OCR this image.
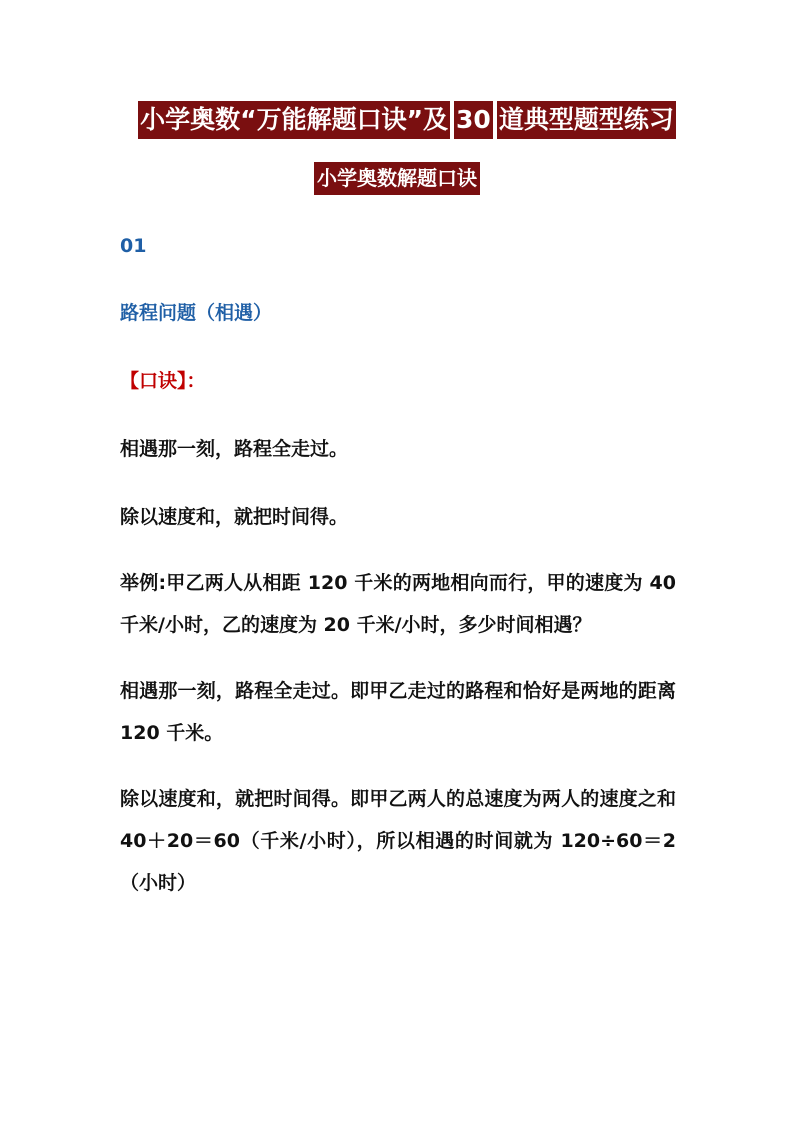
小学奥数“万能解题口诀”及 30 道典型题型练习
小学奥数解题口诀
01
路程问题（相遇）
【口诀】：
相遇那一刻，路程全走过。
除以速度和，就把时间得。
举例:甲乙两人从相距 120 千米的两地相向而行，甲的速度为 40 千米/小时，乙的速度为 20 千米/小时，多少时间相遇？
相遇那一刻，路程全走过。即甲乙走过的路程和恰好是两地的距离 120 千米。
除以速度和，就把时间得。即甲乙两人的总速度为两人的速度之和 40＋20＝60（千米/小时），所以相遇的时间就为 120÷60＝2（小时）
